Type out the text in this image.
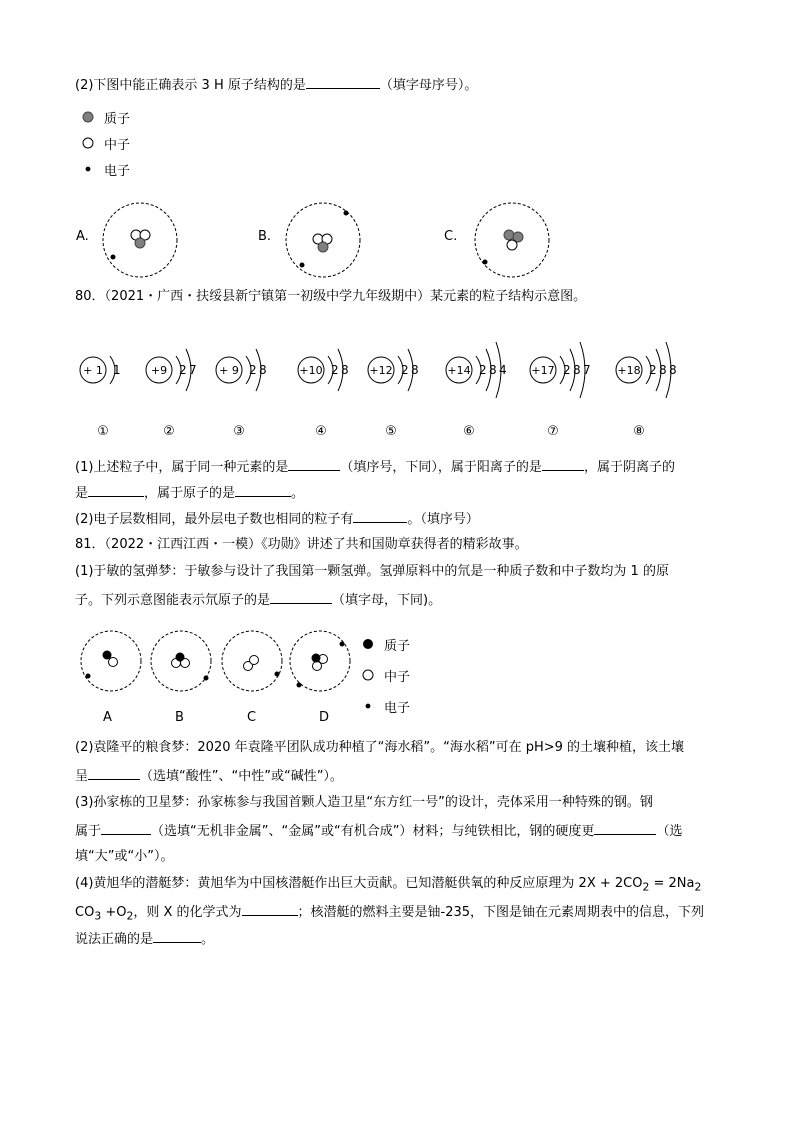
(2)下图中能正确表示 3 H 原子结构的是	（填字母序号）。
质子
中子
电子
A.	B.	C.
80．（2021・广西・扶绥县新宁镇第一初级中学九年级期中）某元素的粒子结构示意图。
+ 1 1
①
+9 2 7
②
+ 9 2 8
③
+10 2 8
④
+12 2 8
⑤
+14 2 8 4
⑥
+17 2 8 7
⑦
+18 2 8 8
⑧
(1)上述粒子中，属于同一种元素的是	（填序号，下同），属于阳离子的是	，属于阴离子的
是	，属于原子的是	。
(2)电子层数相同，最外层电子数也相同的粒子有	。（填序号）
81．（2022・江西江西・一模）《功勋》讲述了共和国勋章获得者的精彩故事。
(1)于敏的氢弹梦：于敏参与设计了我国第一颗氢弹。氢弹原料中的氘是一种质子数和中子数均为 1 的原
子。下列示意图能表示氘原子的是	（填字母，下同)。
A	B	C	D
质子
中子
电子
(2)袁隆平的粮食梦：2020 年袁隆平团队成功种植了“海水稻”。“海水稻”可在 pH>9 的土壤种植，该土壤
呈	（选填“酸性”、“中性”或“碱性”）。
(3)孙家栋的卫星梦：孙家栋参与我国首颗人造卫星“东方红一号”的设计，壳体采用一种特殊的钢。钢
属于	（选填“无机非金属”、“金属”或“有机合成”）材料；与纯铁相比，钢的硬度更	（选
填“大”或“小”）。
(4)黄旭华的潜艇梦：黄旭华为中国核潜艇作出巨大贡献。已知潜艇供氧的种反应原理为 $2X + 2CO_2 = 2Na_2$
$CO_3 +O_2$，则 X 的化学式为	；核潜艇的燃料主要是铀-235，下图是铀在元素周期表中的信息，下列
说法正确的是	。
